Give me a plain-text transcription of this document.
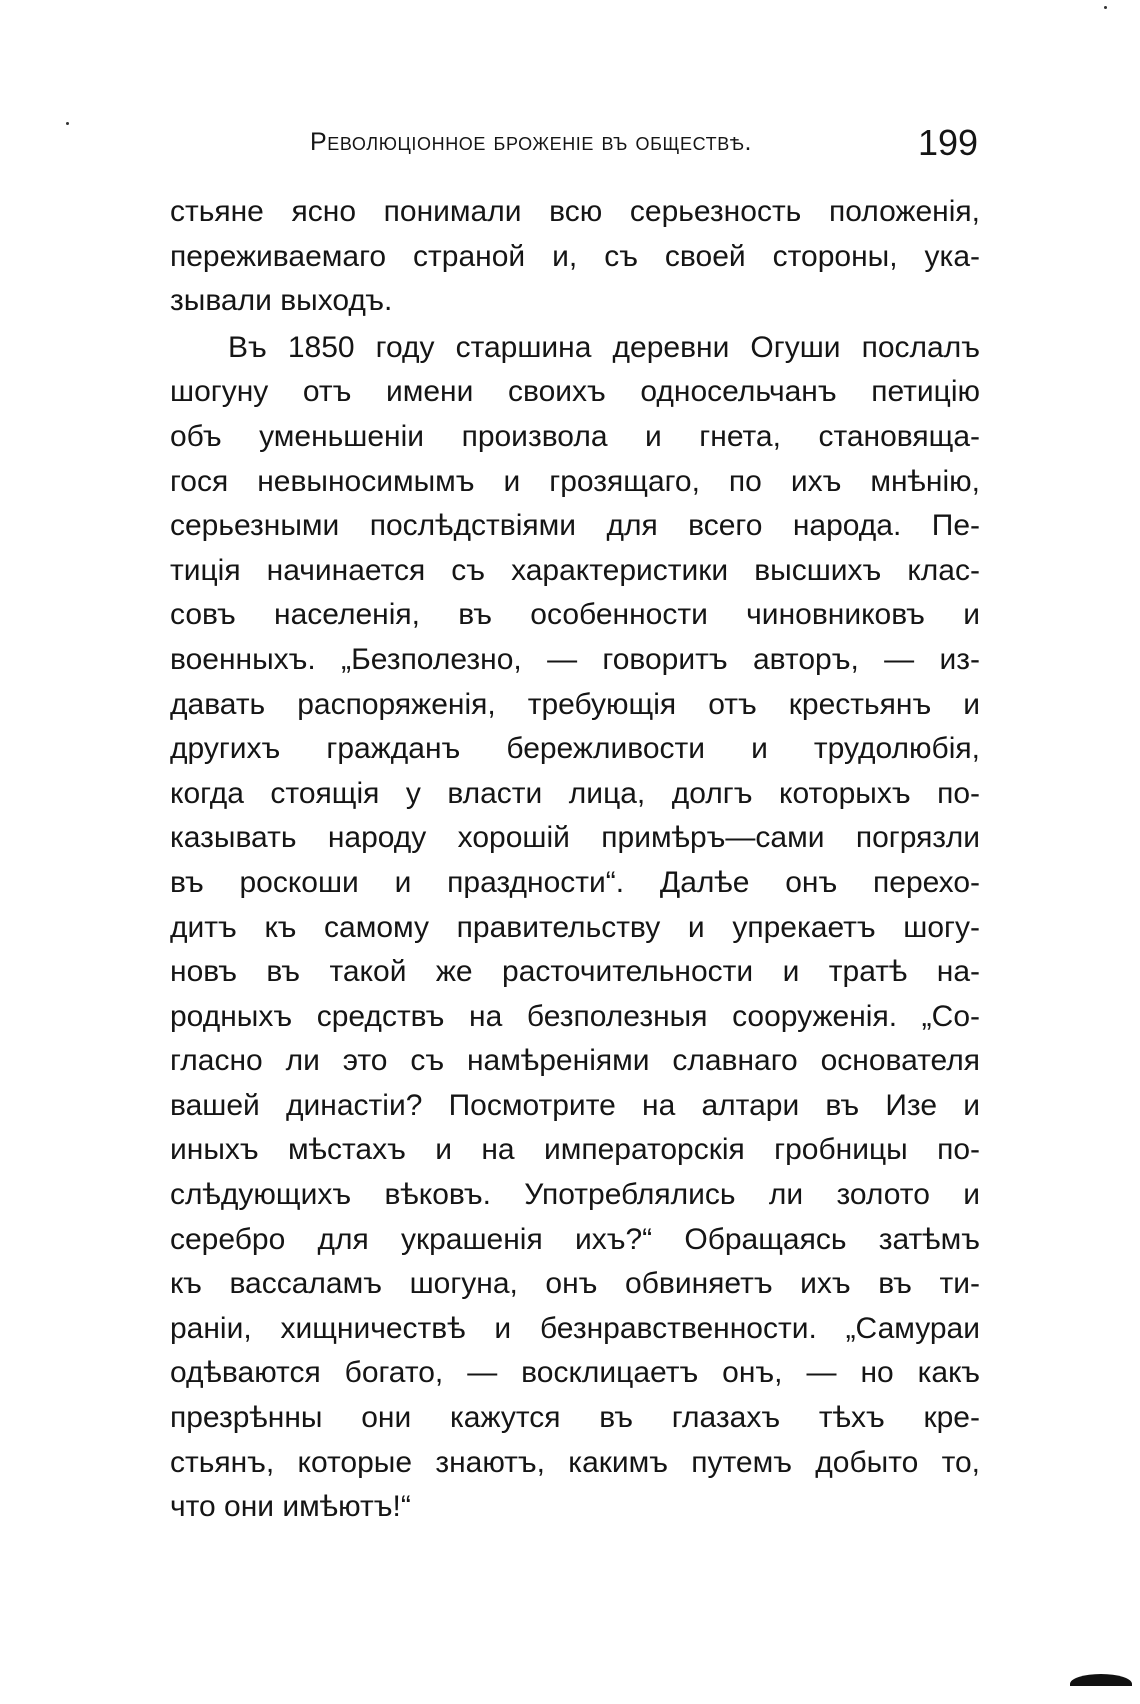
Революціонное броженіе въ обществѣ.	199
стьяне ясно понимали всю серьезность положенія,
переживаемаго страной и, съ своей стороны, ука-
зывали выходъ.
Въ 1850 году старшина деревни Огуши послалъ
шогуну отъ имени своихъ односельчанъ петицію
объ уменьшеніи произвола и гнета, становяща-
гося невыносимымъ и грозящаго, по ихъ мнѣнію,
серьезными послѣдствіями для всего народа. Пе-
тиція начинается съ характеристики высшихъ клас-
совъ населенія, въ особенности чиновниковъ и
военныхъ. „Безполезно, — говоритъ авторъ, — из-
давать распоряженія, требующія отъ крестьянъ и
другихъ гражданъ бережливости и трудолюбія,
когда стоящія у власти лица, долгъ которыхъ по-
казывать народу хорошій примѣръ—сами погрязли
въ роскоши и праздности“. Далѣе онъ перехо-
дитъ къ самому правительству и упрекаетъ шогу-
новъ въ такой же расточительности и тратѣ на-
родныхъ средствъ на безполезныя сооруженія. „Со-
гласно ли это съ намѣреніями славнаго основателя
вашей династіи? Посмотрите на алтари въ Изе и
иныхъ мѣстахъ и на императорскія гробницы по-
слѣдующихъ вѣковъ. Употреблялись ли золото и
серебро для украшенія ихъ?“ Обращаясь затѣмъ
къ вассаламъ шогуна, онъ обвиняетъ ихъ въ ти-
раніи, хищничествѣ и безнравственности. „Самураи
одѣваются богато, — восклицаетъ онъ, — но какъ
презрѣнны они кажутся въ глазахъ тѣхъ кре-
стьянъ, которые знаютъ, какимъ путемъ добыто то,
что они имѣютъ!“
